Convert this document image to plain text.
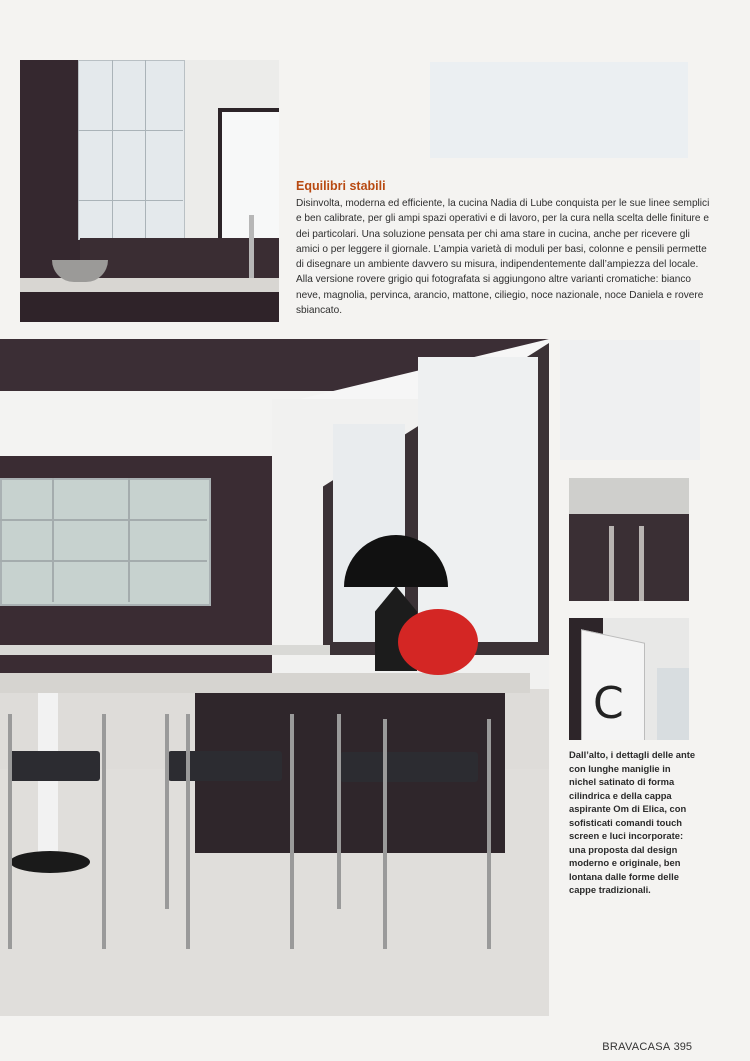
Equilibri stabili

Disinvolta, moderna ed efficiente, la cucina Nadia di Lube conquista per le sue linee semplici e ben calibrate, per gli ampi spazi operativi e di lavoro, per la cura nella scelta delle finiture e dei particolari. Una soluzione pensata per chi ama stare in cucina, anche per ricevere gli amici o per leggere il giornale. L’ampia varietà di moduli per basi, colonne e pensili permette di disegnare un ambiente davvero su misura, indipendentemente dall’ampiezza del locale. Alla versione rovere grigio qui fotografata si aggiungono altre varianti cromatiche: bianco neve, magnolia, pervinca, arancio, mattone, ciliegio, noce nazionale, noce Daniela e rovere sbiancato.

C

Dall’alto, i dettagli delle ante con lunghe maniglie in nichel satinato di forma cilindrica e della cappa aspirante Om di Elica, con sofisticati comandi touch screen e luci incorporate: una proposta dal design moderno e originale, ben lontana dalle forme delle cappe tradizionali.

BRAVACASA 395
